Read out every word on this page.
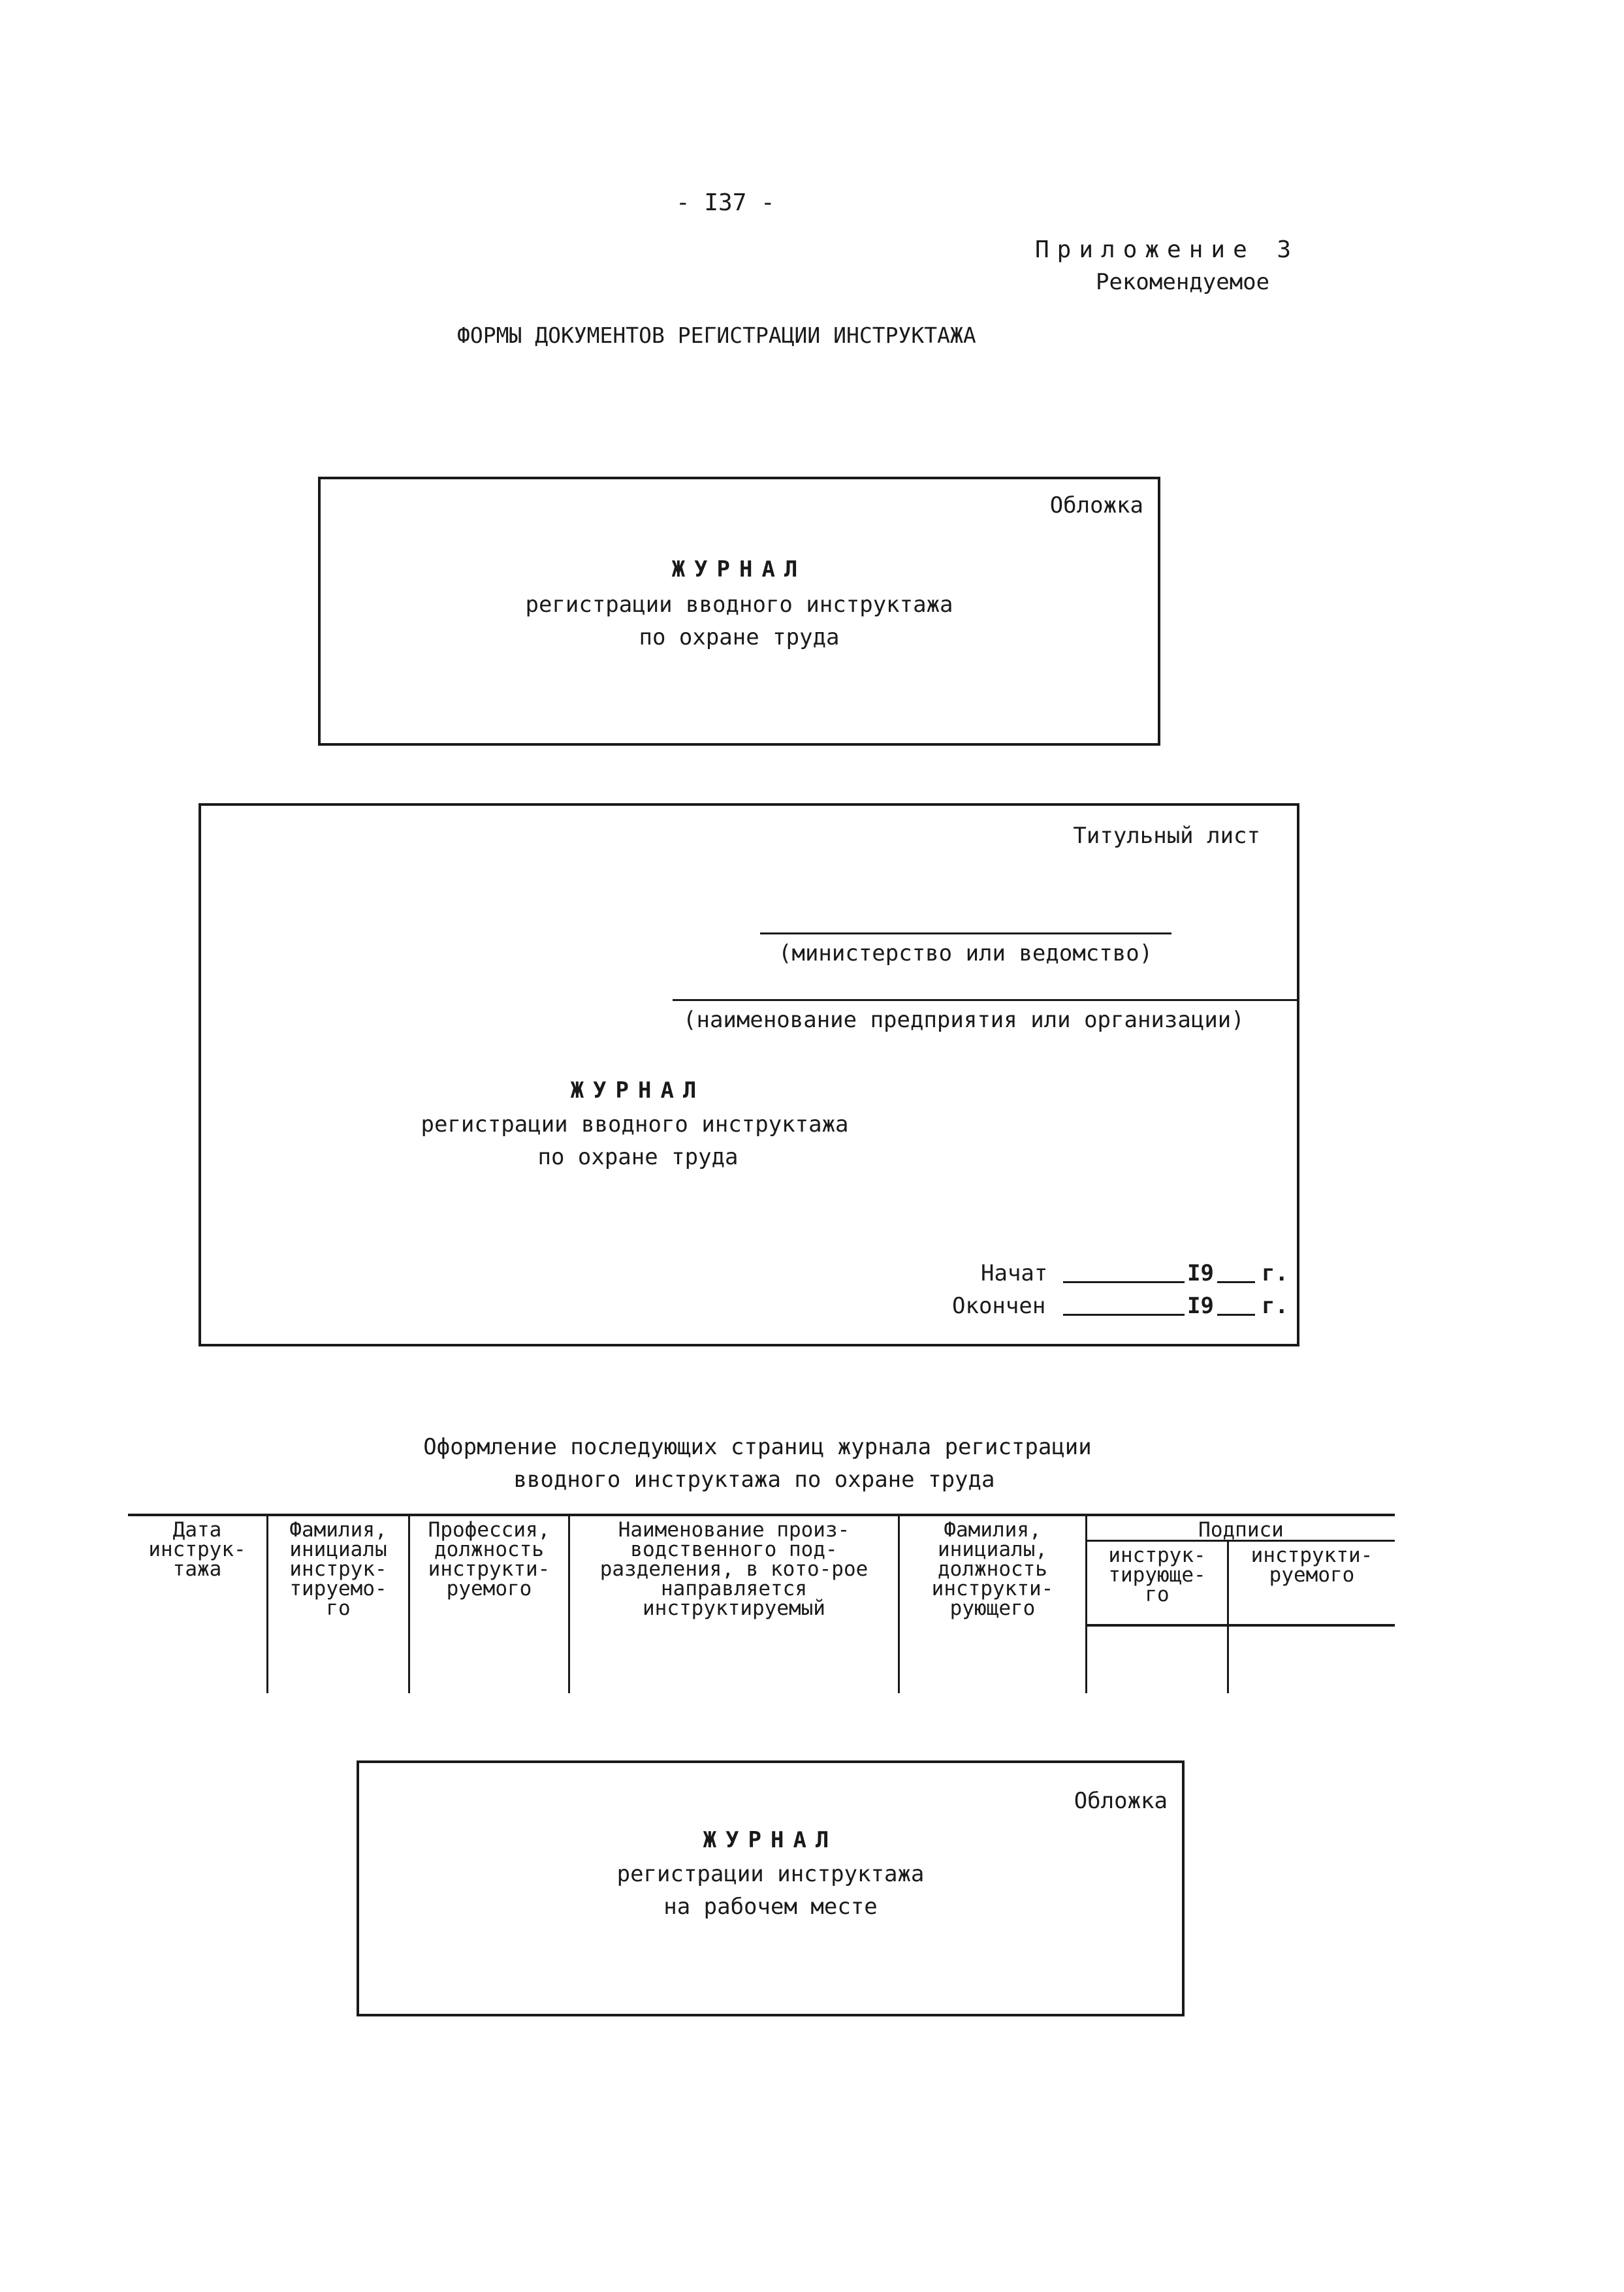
- I37 -
Приложение 3
Рекомендуемое
ФОРМЫ ДОКУМЕНТОВ РЕГИСТРАЦИИ ИНСТРУКТАЖА
Обложка
ЖУРНАЛ
регистрации вводного инструктажа
по охране труда
Титульный лист
(министерство или ведомство)
(наименование предприятия или организации)
ЖУРНАЛ
регистрации вводного инструктажа
по охране труда
Начат	I9 г.
Окончен	I9 г.
Оформление последующих страниц журнала регистрации
вводного инструктажа по охране труда
Дата инструк-тажа	Фамилия, инициалы инструк-тируемо-го	Профессия, должность инструкти-руемого	Наименование произ-водственного под-разделения, в кото-рое направляется инструктируемый	Фамилия, инициалы, должность инструкти-рующего	Подписи	
					инструк-тирующе-го	инструкти-руемого

Обложка
ЖУРНАЛ
регистрации инструктажа
на рабочем месте
